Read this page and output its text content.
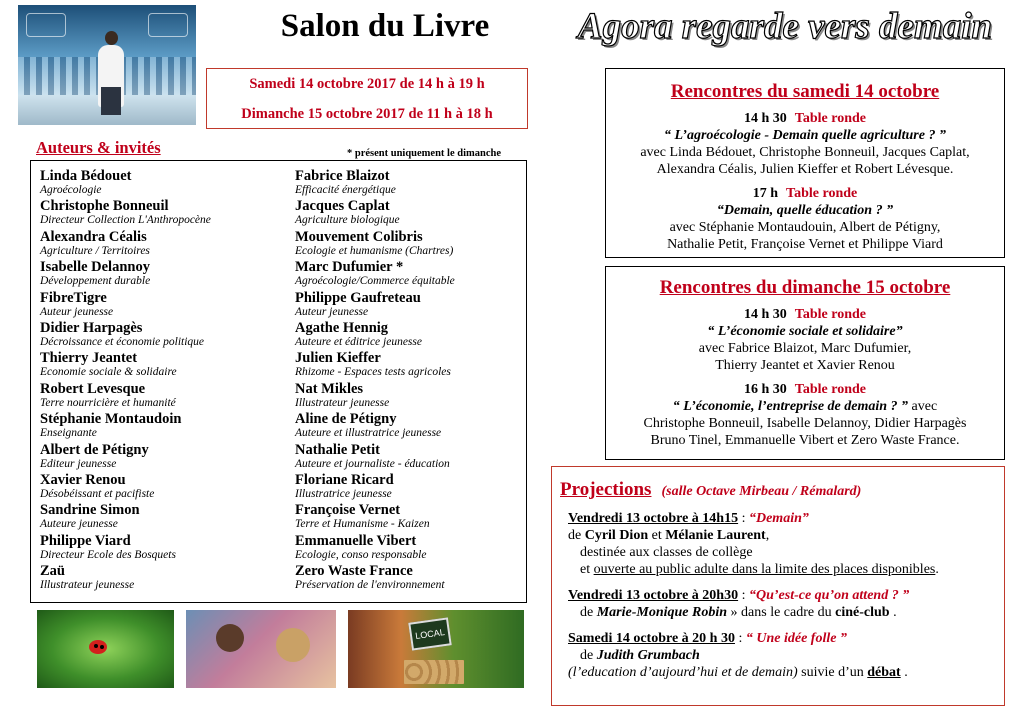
Salon du Livre	Agora regarde vers demain
Samedi 14 octobre 2017 de 14 h à 19 h
Dimanche 15 octobre 2017 de 11 h à 18 h
Auteurs & invités	* présent uniquement le dimanche
Linda Bédouet
Agroécologie
Christophe Bonneuil
Directeur Collection L'Anthropocène
Alexandra Céalis
Agriculture / Territoires
Isabelle Delannoy
Développement durable
FibreTigre
Auteur jeunesse
Didier Harpagès
Décroissance et économie politique
Thierry Jeantet
Economie sociale & solidaire
Robert Levesque
Terre nourricière et humanité
Stéphanie Montaudoin
Enseignante
Albert de Pétigny
Editeur jeunesse
Xavier Renou
Désobéissant et pacifiste
Sandrine Simon
Auteure jeunesse
Philippe Viard
Directeur Ecole des Bosquets
Zaü
Illustrateur jeunesse
Fabrice Blaizot
Efficacité énergétique
Jacques Caplat
Agriculture biologique
Mouvement Colibris
Ecologie et humanisme (Chartres)
Marc Dufumier *
Agroécologie/Commerce équitable
Philippe Gaufreteau
Auteur jeunesse
Agathe Hennig
Auteure et éditrice jeunesse
Julien Kieffer
Rhizome - Espaces tests agricoles
Nat Mikles
Illustrateur jeunesse
Aline de Pétigny
Auteure et illustratrice jeunesse
Nathalie Petit
Auteure et journaliste - éducation
Floriane Ricard
Illustratrice jeunesse
Françoise Vernet
Terre et Humanisme - Kaizen
Emmanuelle Vibert
Ecologie, conso responsable
Zero Waste France
Préservation de l'environnement
LOCAL
Rencontres du samedi 14 octobre
14 h 30 Table ronde
“ L’agroécologie - Demain quelle agriculture ? ”
avec Linda Bédouet, Christophe Bonneuil, Jacques Caplat,
Alexandra Céalis, Julien Kieffer et Robert Lévesque.
17 h Table ronde
“Demain, quelle éducation ? ”
avec Stéphanie Montaudouin, Albert de Pétigny,
Nathalie Petit, Françoise Vernet et Philippe Viard
Rencontres du dimanche 15 octobre
14 h 30 Table ronde
“ L’économie sociale et solidaire”
avec Fabrice Blaizot, Marc Dufumier,
Thierry Jeantet et Xavier Renou
16 h 30 Table ronde
“ L’économie, l’entreprise de demain ? ” avec
Christophe Bonneuil, Isabelle Delannoy, Didier Harpagès
Bruno Tinel, Emmanuelle Vibert et Zero Waste France.
Projections (salle Octave Mirbeau / Rémalard)
Vendredi 13 octobre à 14h15 : “Demain”
de Cyril Dion et Mélanie Laurent,
destinée aux classes de collège
et ouverte au public adulte dans la limite des places disponibles.
Vendredi 13 octobre à 20h30 : “Qu’est-ce qu’on attend ? ”
de Marie-Monique Robin » dans le cadre du ciné-club .
Samedi 14 octobre à 20 h 30 : “ Une idée folle ”
de Judith Grumbach
(l’education d’aujourd’hui et de demain) suivie d’un débat .
